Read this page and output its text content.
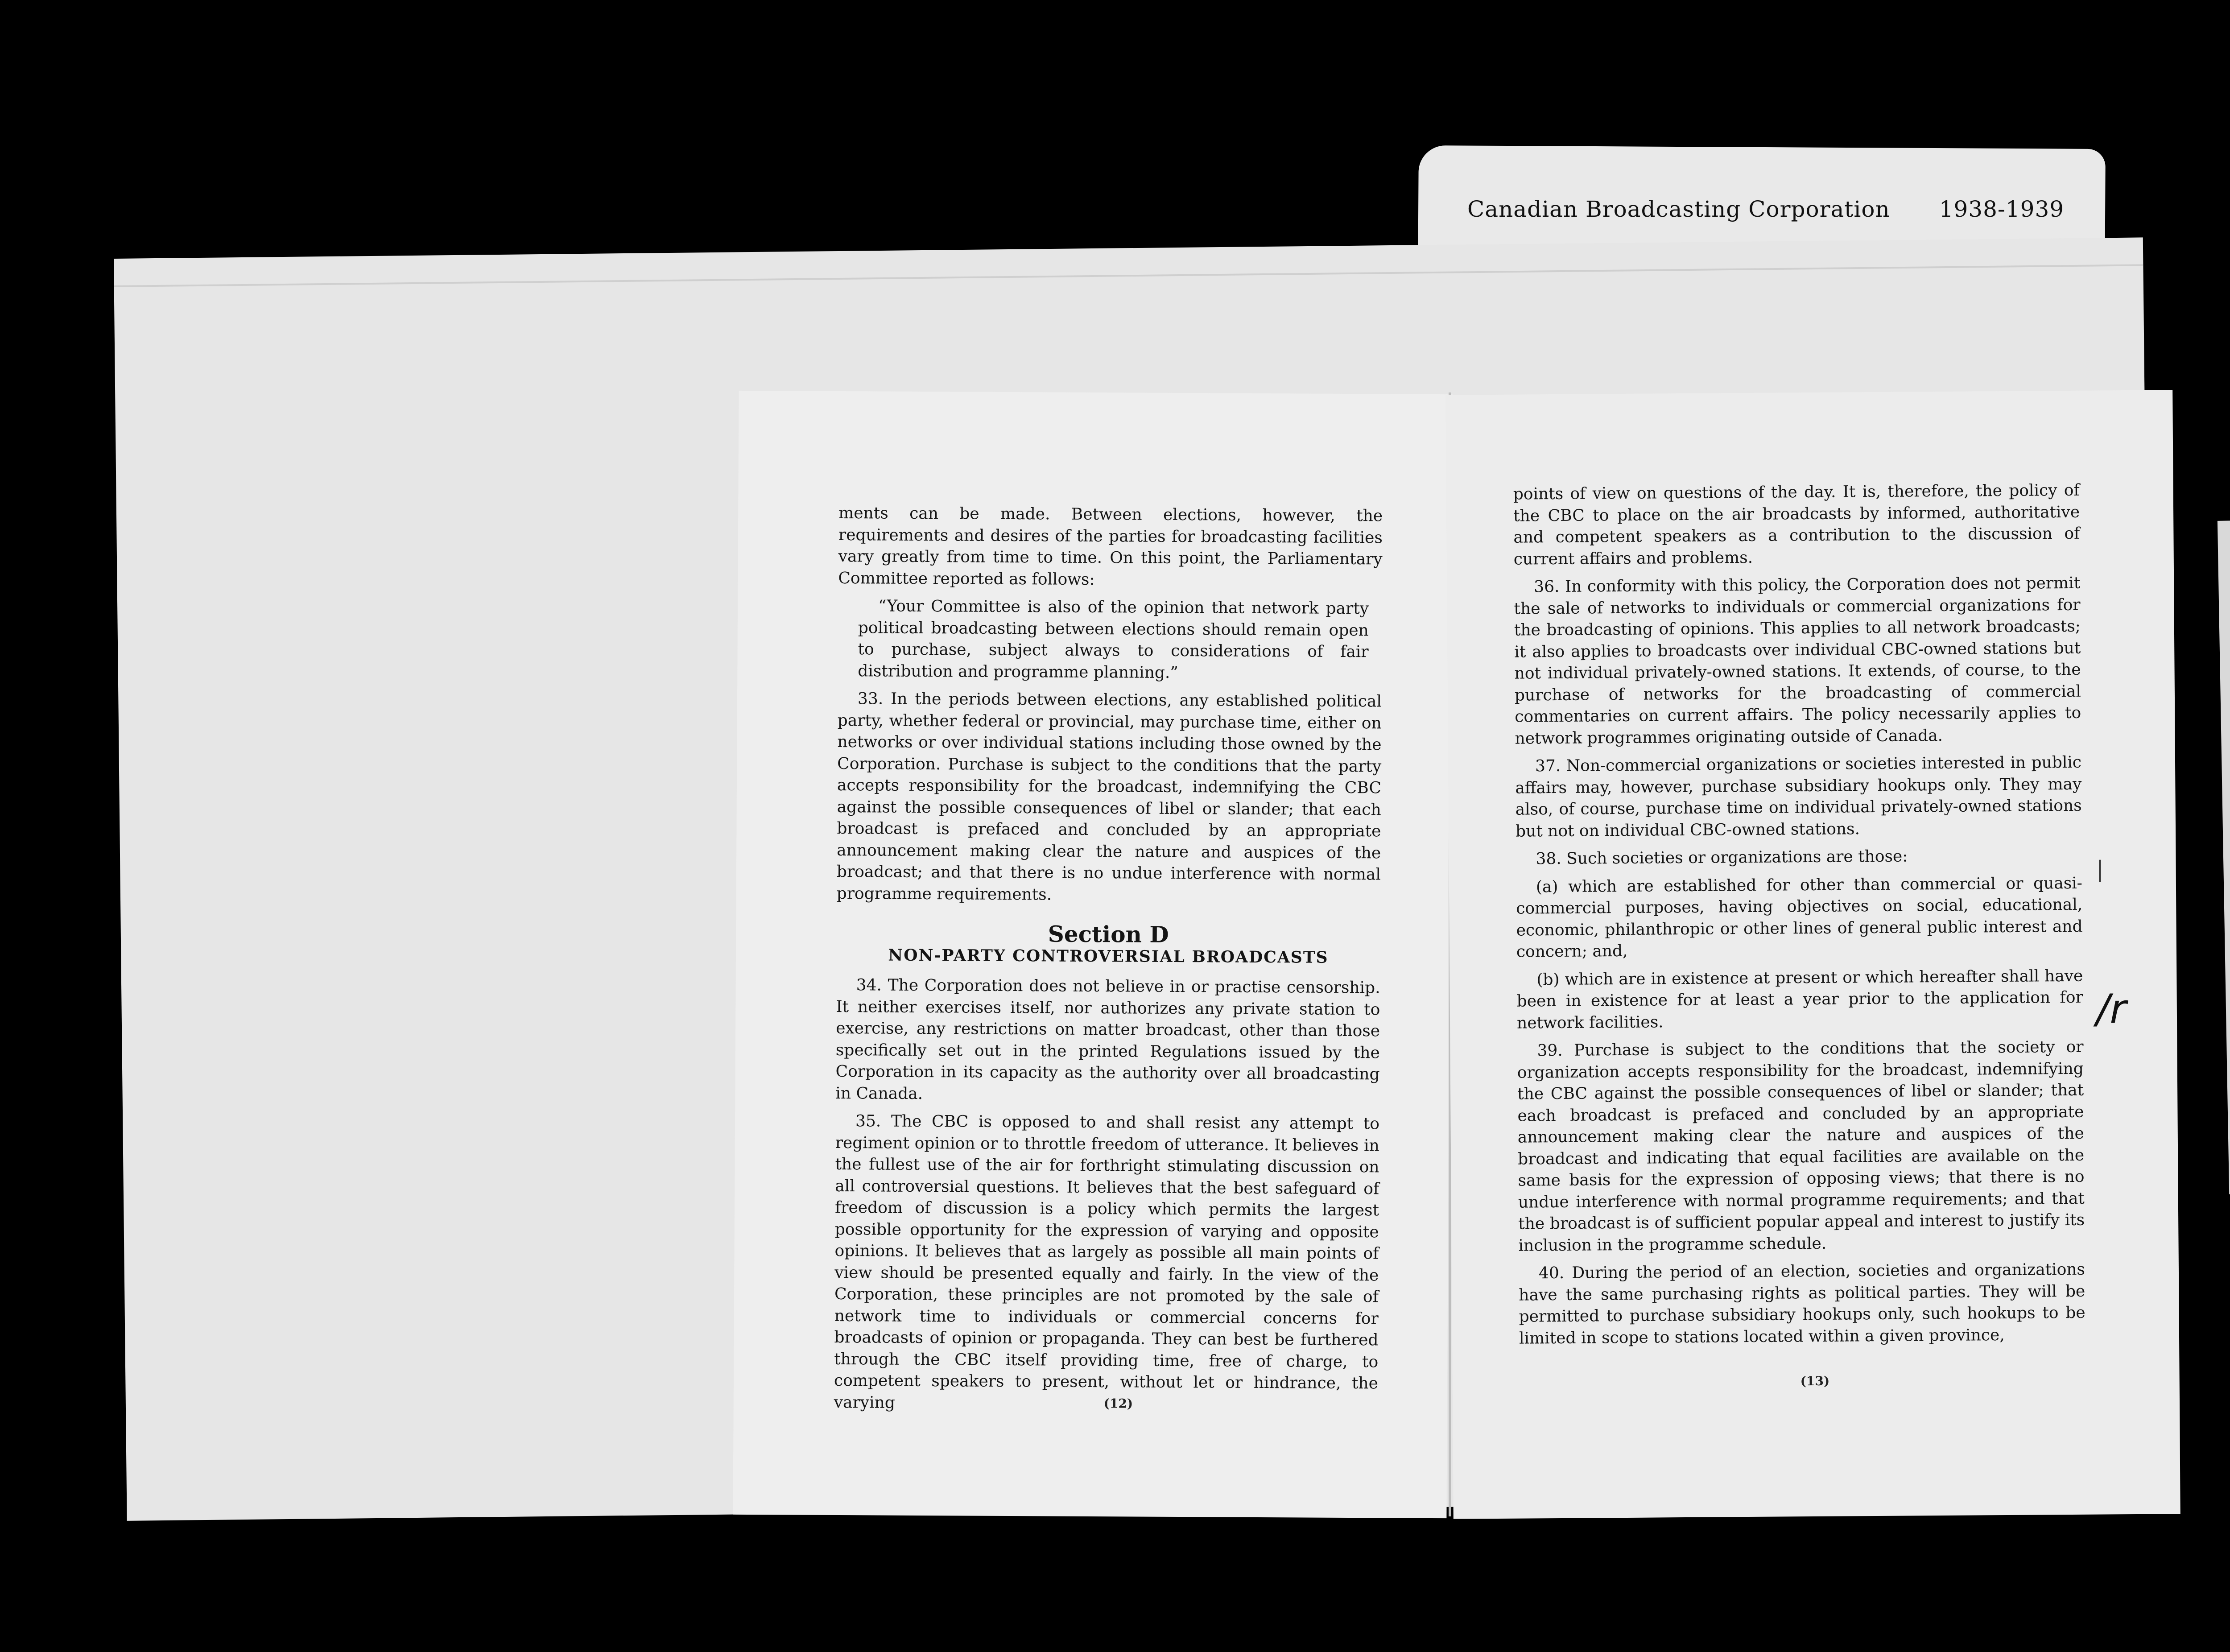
Canadian Broadcasting Corporation 1938-1939

ments can be made. Between elections, however, the requirements and desires of the parties for broadcasting facilities vary greatly from time to time. On this point, the Parliamentary Committee reported as follows:

“Your Committee is also of the opinion that network party political broadcasting between elections should remain open to purchase, subject always to considerations of fair distribution and programme planning.”

33. In the periods between elections, any established political party, whether federal or provincial, may purchase time, either on networks or over individual stations including those owned by the Corporation. Purchase is subject to the conditions that the party accepts responsibility for the broadcast, indemnifying the CBC against the possible consequences of libel or slander; that each broadcast is prefaced and concluded by an appropriate announcement making clear the nature and auspices of the broadcast; and that there is no undue interference with normal programme requirements.

Section D
NON-PARTY CONTROVERSIAL BROADCASTS

34. The Corporation does not believe in or practise censorship. It neither exercises itself, nor authorizes any private station to exercise, any restrictions on matter broadcast, other than those specifically set out in the printed Regulations issued by the Corporation in its capacity as the authority over all broadcasting in Canada.

35. The CBC is opposed to and shall resist any attempt to regiment opinion or to throttle freedom of utterance. It believes in the fullest use of the air for forthright stimulating discussion on all controversial questions. It believes that the best safeguard of freedom of discussion is a policy which permits the largest possible opportunity for the expression of varying and opposite opinions. It believes that as largely as possible all main points of view should be presented equally and fairly. In the view of the Corporation, these principles are not promoted by the sale of network time to individuals or commercial concerns for broadcasts of opinion or propaganda. They can best be furthered through the CBC itself providing time, free of charge, to competent speakers to present, without let or hindrance, the varying	(12)

points of view on questions of the day. It is, therefore, the policy of the CBC to place on the air broadcasts by informed, authoritative and competent speakers as a contribution to the discussion of current affairs and problems.

36. In conformity with this policy, the Corporation does not permit the sale of networks to individuals or commercial organizations for the broadcasting of opinions. This applies to all network broadcasts; it also applies to broadcasts over individual CBC-owned stations but not individual privately-owned stations. It extends, of course, to the purchase of networks for the broadcasting of commercial commentaries on current affairs. The policy necessarily applies to network programmes originating outside of Canada.

37. Non-commercial organizations or societies interested in public affairs may, however, purchase subsidiary hookups only. They may also, of course, purchase time on individual privately-owned stations but not on individual CBC-owned stations.

38. Such societies or organizations are those:

(a) which are established for other than commercial or quasi-commercial purposes, having objectives on social, educational, economic, philanthropic or other lines of general public interest and concern; and,

(b) which are in existence at present or which hereafter shall have been in existence for at least a year prior to the application for network facilities.

39. Purchase is subject to the conditions that the society or organization accepts responsibility for the broadcast, indemnifying the CBC against the possible consequences of libel or slander; that each broadcast is prefaced and concluded by an appropriate announcement making clear the nature and auspices of the broadcast and indicating that equal facilities are available on the same basis for the expression of opposing views; that there is no undue interference with normal programme requirements; and that the broadcast is of sufficient popular appeal and interest to justify its inclusion in the programme schedule.

40. During the period of an election, societies and organizations have the same purchasing rights as political parties. They will be permitted to purchase subsidiary hookups only, such hookups to be limited in scope to stations located within a given province,

(13)
|
/r
